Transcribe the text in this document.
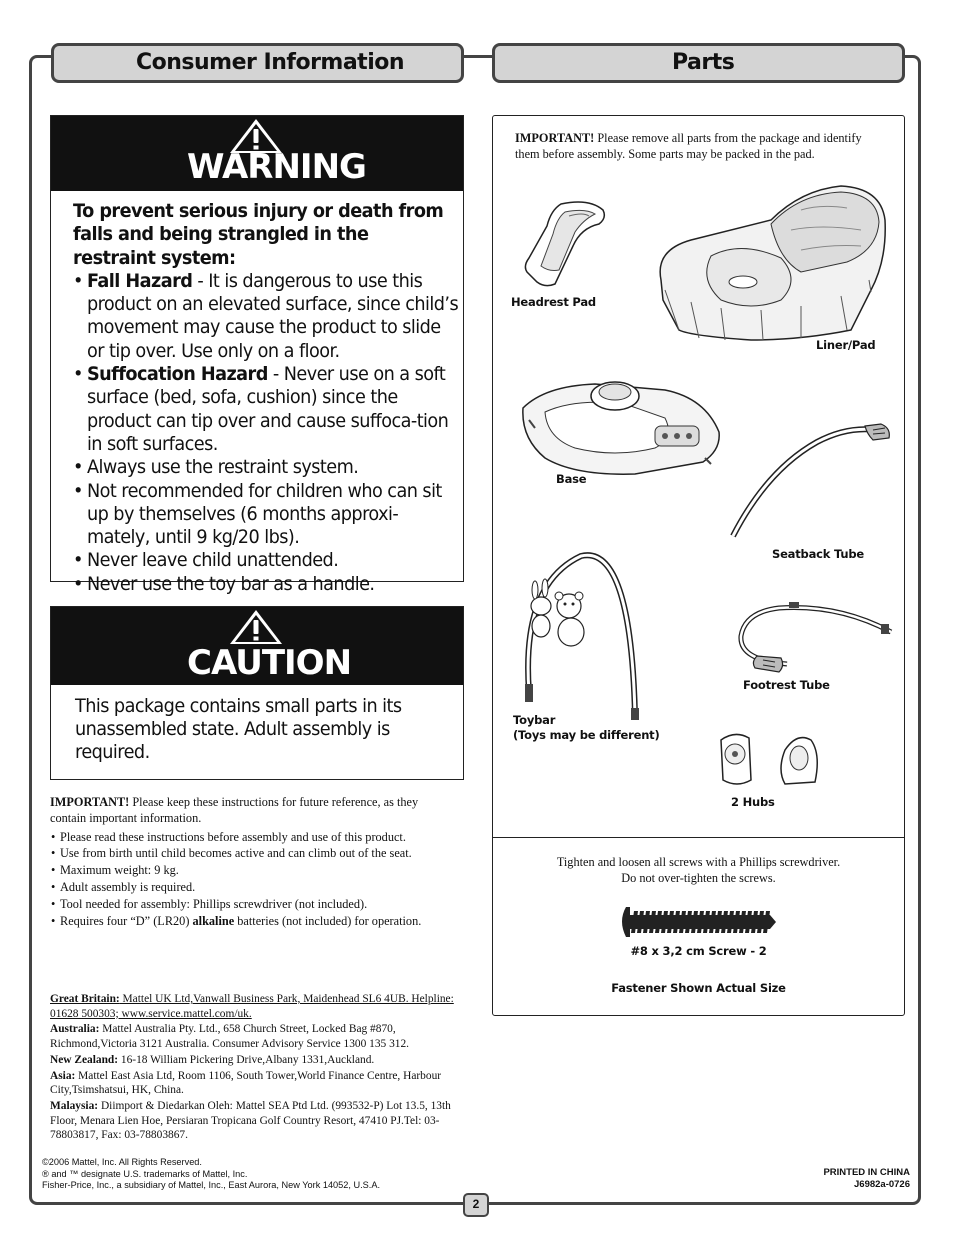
Consumer Information	Parts
WARNING
To prevent serious injury or death from falls and being strangled in the restraint system:
• Fall Hazard - It is dangerous to use this product on an elevated surface, since child’s movement may cause the product to slide or tip over. Use only on a floor.
• Suffocation Hazard - Never use on a soft surface (bed, sofa, cushion) since the product can tip over and cause suffoca-tion in soft surfaces.
• Always use the restraint system.
• Not recommended for children who can sit up by themselves (6 months approxi-mately, until 9 kg/20 lbs).
• Never leave child unattended.
• Never use the toy bar as a handle.
CAUTION
This package contains small parts in its unassembled state. Adult assembly is required.

IMPORTANT! Please keep these instructions for future reference, as they contain important information.

• Please read these instructions before assembly and use of this product.
• Use from birth until child becomes active and can climb out of the seat.
• Maximum weight: 9 kg.
• Adult assembly is required.
• Tool needed for assembly: Phillips screwdriver (not included).
• Requires four “D” (LR20) alkaline batteries (not included) for operation.

Great Britain: Mattel UK Ltd,Vanwall Business Park, Maidenhead SL6 4UB. Helpline: 01628 500303; www.service.mattel.com/uk.

Australia: Mattel Australia Pty. Ltd., 658 Church Street, Locked Bag #870, Richmond,Victoria 3121 Australia. Consumer Advisory Service 1300 135 312.

New Zealand: 16-18 William Pickering Drive,Albany 1331,Auckland.

Asia: Mattel East Asia Ltd, Room 1106, South Tower,World Finance Centre, Harbour City,Tsimshatsui, HK, China.

Malaysia: Diimport & Diedarkan Oleh: Mattel SEA Ptd Ltd. (993532-P) Lot 13.5, 13th Floor, Menara Lien Hoe, Persiaran Tropicana Golf Country Resort, 47410 PJ.Tel: 03-78803817, Fax: 03-78803867.

©2006 Mattel, Inc. All Rights Reserved.
® and ™ designate U.S. trademarks of Mattel, Inc.
Fisher-Price, Inc., a subsidiary of Mattel, Inc., East Aurora, New York 14052, U.S.A.
PRINTED IN CHINA
J6982a-0726
2
IMPORTANT! Please remove all parts from the package and identify them before assembly. Some parts may be packed in the pad.
Headrest Pad
Liner/Pad
Base
Seatback Tube
Toybar
(Toys may be different)
Footrest Tube
2 Hubs
Tighten and loosen all screws with a Phillips screwdriver.
Do not over-tighten the screws.
#8 x 3,2 cm Screw - 2
Fastener Shown Actual Size
